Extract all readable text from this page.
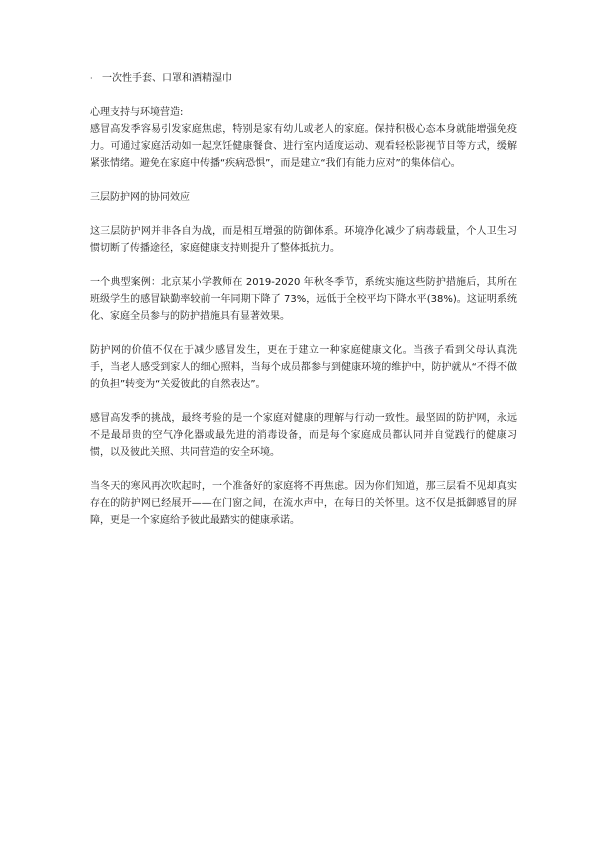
· 一次性手套、口罩和酒精湿巾
心理支持与环境营造:

感冒高发季容易引发家庭焦虑，特别是家有幼儿或老人的家庭。保持积极心态本身就能增强免疫力。可通过家庭活动如一起烹饪健康餐食、进行室内适度运动、观看轻松影视节目等方式，缓解紧张情绪。避免在家庭中传播“疾病恐惧”，而是建立“我们有能力应对”的集体信心。

三层防护网的协同效应

这三层防护网并非各自为战，而是相互增强的防御体系。环境净化减少了病毒载量，个人卫生习惯切断了传播途径，家庭健康支持则提升了整体抵抗力。

一个典型案例：北京某小学教师在 2019-2020 年秋冬季节，系统实施这些防护措施后，其所在班级学生的感冒缺勤率较前一年同期下降了 73%，远低于全校平均下降水平(38%)。这证明系统化、家庭全员参与的防护措施具有显著效果。

防护网的价值不仅在于减少感冒发生，更在于建立一种家庭健康文化。当孩子看到父母认真洗手，当老人感受到家人的细心照料，当每个成员都参与到健康环境的维护中，防护就从“不得不做的负担”转变为“关爱彼此的自然表达”。

感冒高发季的挑战，最终考验的是一个家庭对健康的理解与行动一致性。最坚固的防护网，永远不是最昂贵的空气净化器或最先进的消毒设备，而是每个家庭成员都认同并自觉践行的健康习惯，以及彼此关照、共同营造的安全环境。

当冬天的寒风再次吹起时，一个准备好的家庭将不再焦虑。因为你们知道，那三层看不见却真实存在的防护网已经展开——在门窗之间，在流水声中，在每日的关怀里。这不仅是抵御感冒的屏障，更是一个家庭给予彼此最踏实的健康承诺。
